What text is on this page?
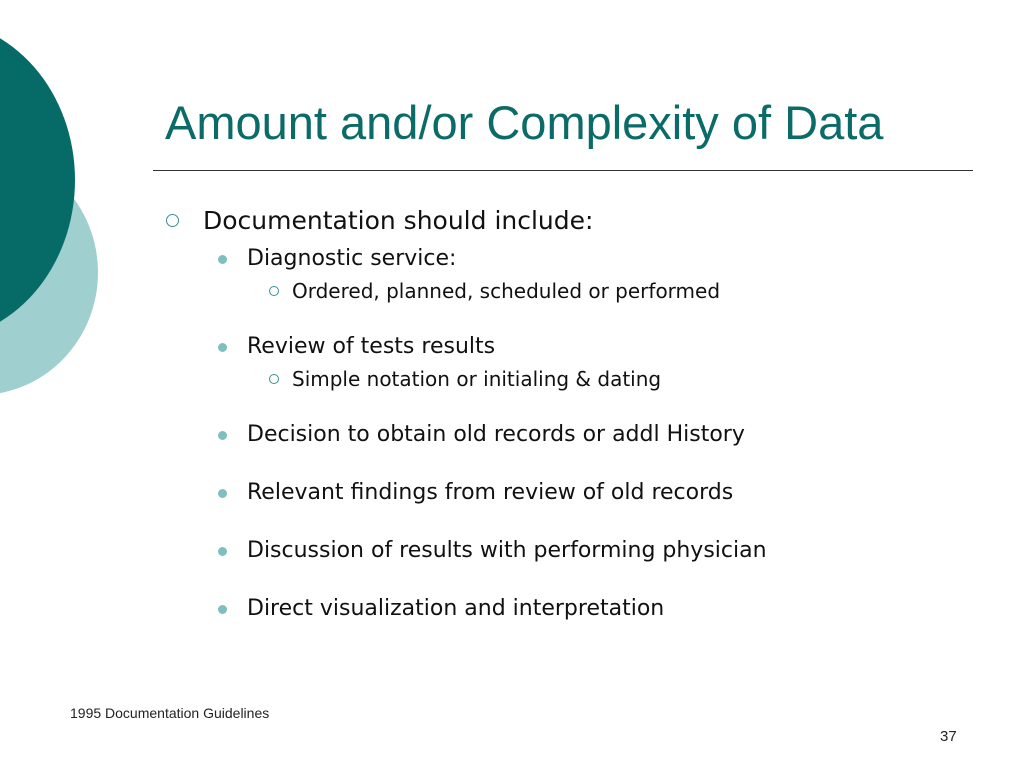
Amount and/or Complexity of Data
Documentation should include:
Diagnostic service:
Ordered, planned, scheduled or performed
Review of tests results
Simple notation or initialing & dating
Decision to obtain old records or addl History
Relevant findings from review of old records
Discussion of results with performing physician
Direct visualization and interpretation
1995 Documentation Guidelines
37
